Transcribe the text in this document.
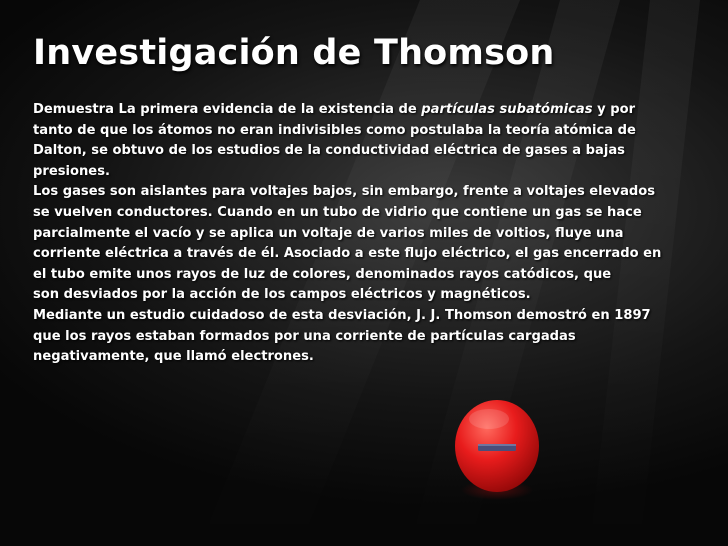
Investigación de Thomson
Demuestra La primera evidencia de la existencia de partículas subatómicas y por
tanto de que los átomos no eran indivisibles como postulaba la teoría atómica de
Dalton, se obtuvo de los estudios de la conductividad eléctrica de gases a bajas
presiones.
Los gases son aislantes para voltajes bajos, sin embargo, frente a voltajes elevados
se vuelven conductores. Cuando en un tubo de vidrio que contiene un gas se hace
parcialmente el vacío y se aplica un voltaje de varios miles de voltios, fluye una
corriente eléctrica a través de él. Asociado a este flujo eléctrico, el gas encerrado en
el tubo emite unos rayos de luz de colores, denominados rayos catódicos, que
son desviados por la acción de los campos eléctricos y magnéticos.
Mediante un estudio cuidadoso de esta desviación, J. J. Thomson demostró en 1897
que los rayos estaban formados por una corriente de partículas cargadas
negativamente, que llamó electrones.
